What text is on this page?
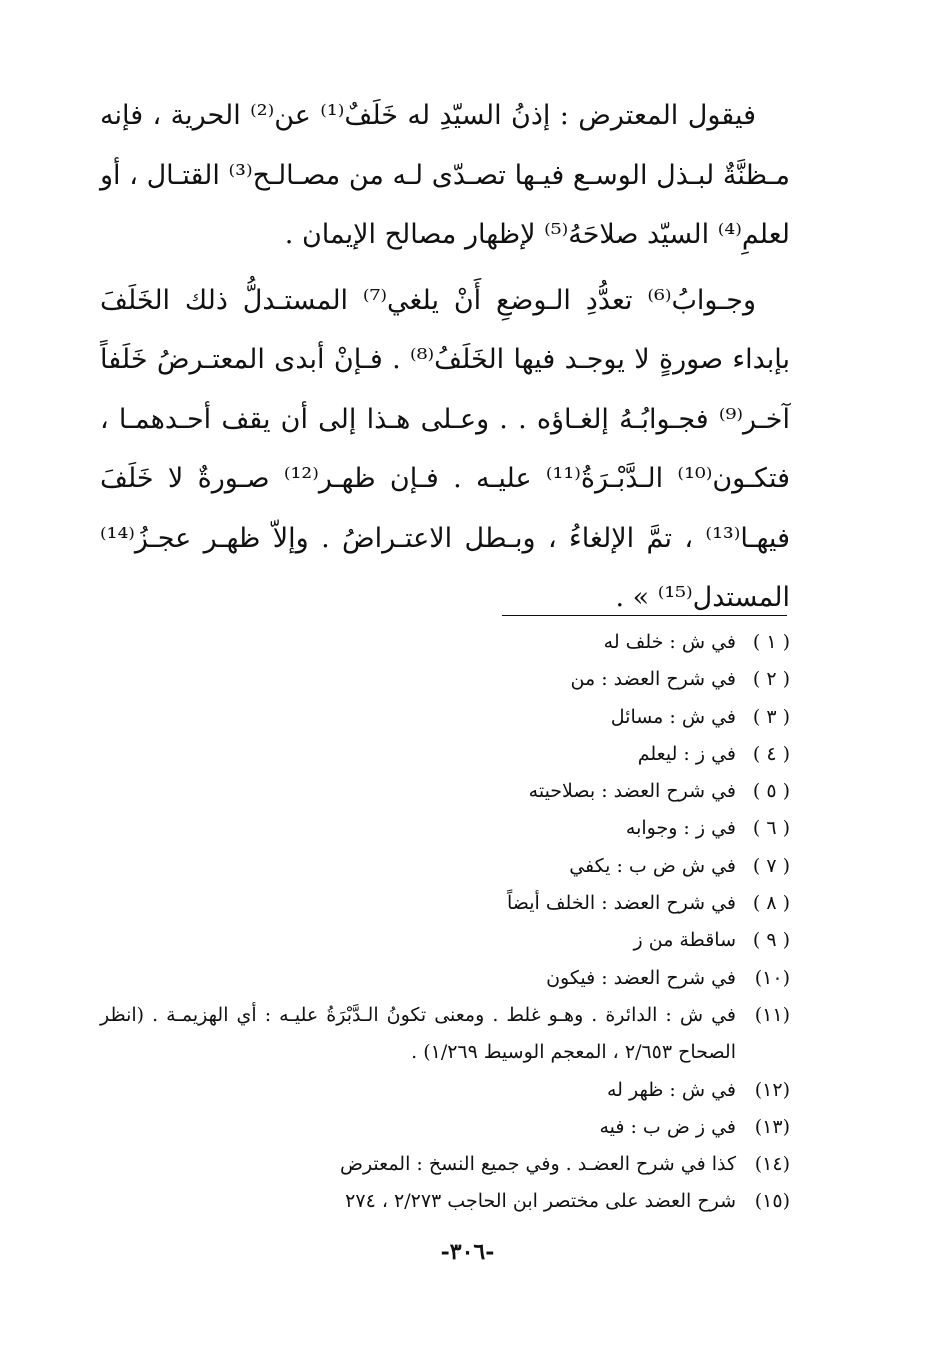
فيقول المعترض : إذنُ السيّدِ له خَلَفٌ⁽¹⁾ عن⁽²⁾ الحرية ، فإنه مـظنَّةٌ لبـذل الوسـع فيـها تصـدّى لـه من مصـالـح⁽³⁾ القتـال ، أو لعلمِ⁽⁴⁾ السيّد صلاحَهُ⁽⁵⁾ لإظهار مصالح الإيمان .

وجـوابُ⁽⁶⁾ تعدُّدِ الـوضعِ أَنْ يلغي⁽⁷⁾ المستـدلُّ ذلك الخَلَفَ بإبداء صورةٍ لا يوجـد فيها الخَلَفُ⁽⁸⁾ . فـإنْ أبدى المعتـرضُ خَلَفاً آخـر⁽⁹⁾ فجـوابُـهُ إلغـاؤه . . وعـلى هـذا إلى أن يقف أحـدهمـا ، فتكـون⁽¹⁰⁾ الـدَّبْـرَةُ⁽¹¹⁾ عليـه . فـإن ظهـر⁽¹²⁾ صـورةٌ لا خَلَفَ فيهـا⁽¹³⁾ ، تمَّ الإلغاءُ ، وبـطل الاعتـراضُ . وإلاّ ظهـر عجـزُ⁽¹⁴⁾ المستدل⁽¹⁵⁾ » .

( ١ )
في ش : خلف له
( ٢ )
في شرح العضد : من
( ٣ )
في ش : مسائل
( ٤ )
في ز : ليعلم
( ٥ )
في شرح العضد : بصلاحيته
( ٦ )
في ز : وجوابه
( ٧ )
في ش ض ب : يكفي
( ٨ )
في شرح العضد : الخلف أيضاً
( ٩ )
ساقطة من ز
(١٠)
في شرح العضد : فيكون
(١١)
في ش : الدائرة . وهـو غلط . ومعنى تكونُ الـدَّبْرَةُ عليـه : أي الهزيمـة . (انظر الصحاح ٢/٦٥٣ ، المعجم الوسيط ١/٢٦٩) .
(١٢)
في ش : ظهر له
(١٣)
في ز ض ب : فيه
(١٤)
كذا في شرح العضـد . وفي جميع النسخ : المعترض
(١٥)
شرح العضد على مختصر ابن الحاجب ٢/٢٧٣ ، ٢٧٤
-٣٠٦-
